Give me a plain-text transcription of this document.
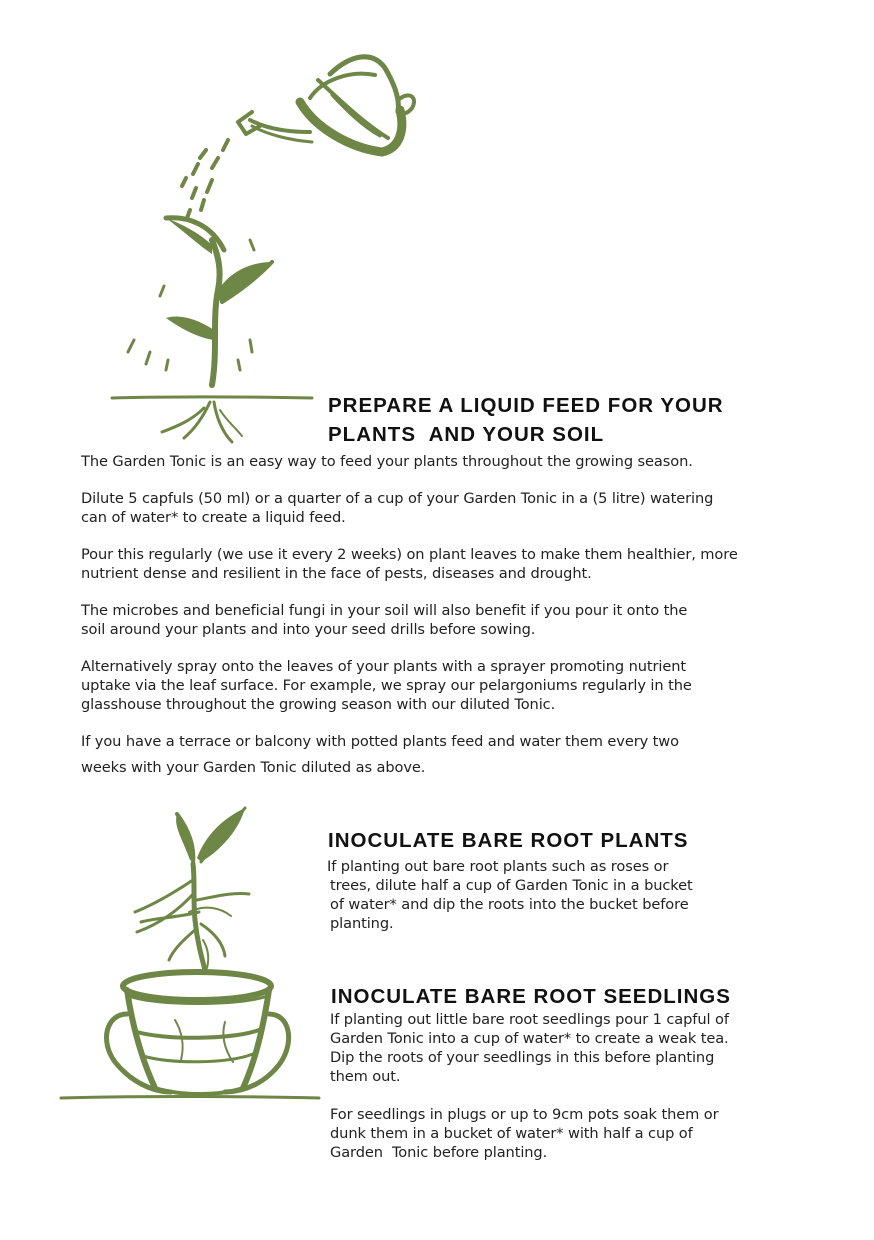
PREPARE A LIQUID FEED FOR YOUR
PLANTS  AND YOUR SOIL

The Garden Tonic is an easy way to feed your plants throughout the growing season.

Dilute 5 capfuls (50 ml) or a quarter of a cup of your Garden Tonic in a (5 litre) watering

can of water* to create a liquid feed.

Pour this regularly (we use it every 2 weeks) on plant leaves to make them healthier, more

nutrient dense and resilient in the face of pests, diseases and drought.

The microbes and beneficial fungi in your soil will also benefit if you pour it onto the

soil around your plants and into your seed drills before sowing.

Alternatively spray onto the leaves of your plants with a sprayer promoting nutrient

uptake via the leaf surface. For example, we spray our pelargoniums regularly in the

glasshouse throughout the growing season with our diluted Tonic.

If you have a terrace or balcony with potted plants feed and water them every two

weeks with your Garden Tonic diluted as above.

INOCULATE BARE ROOT PLANTS

If planting out bare root plants such as roses or

trees, dilute half a cup of Garden Tonic in a bucket

of water* and dip the roots into the bucket before

planting.

INOCULATE BARE ROOT SEEDLINGS

If planting out little bare root seedlings pour 1 capful of

Garden Tonic into a cup of water* to create a weak tea.

Dip the roots of your seedlings in this before planting

them out.

For seedlings in plugs or up to 9cm pots soak them or

dunk them in a bucket of water* with half a cup of

Garden  Tonic before planting.
